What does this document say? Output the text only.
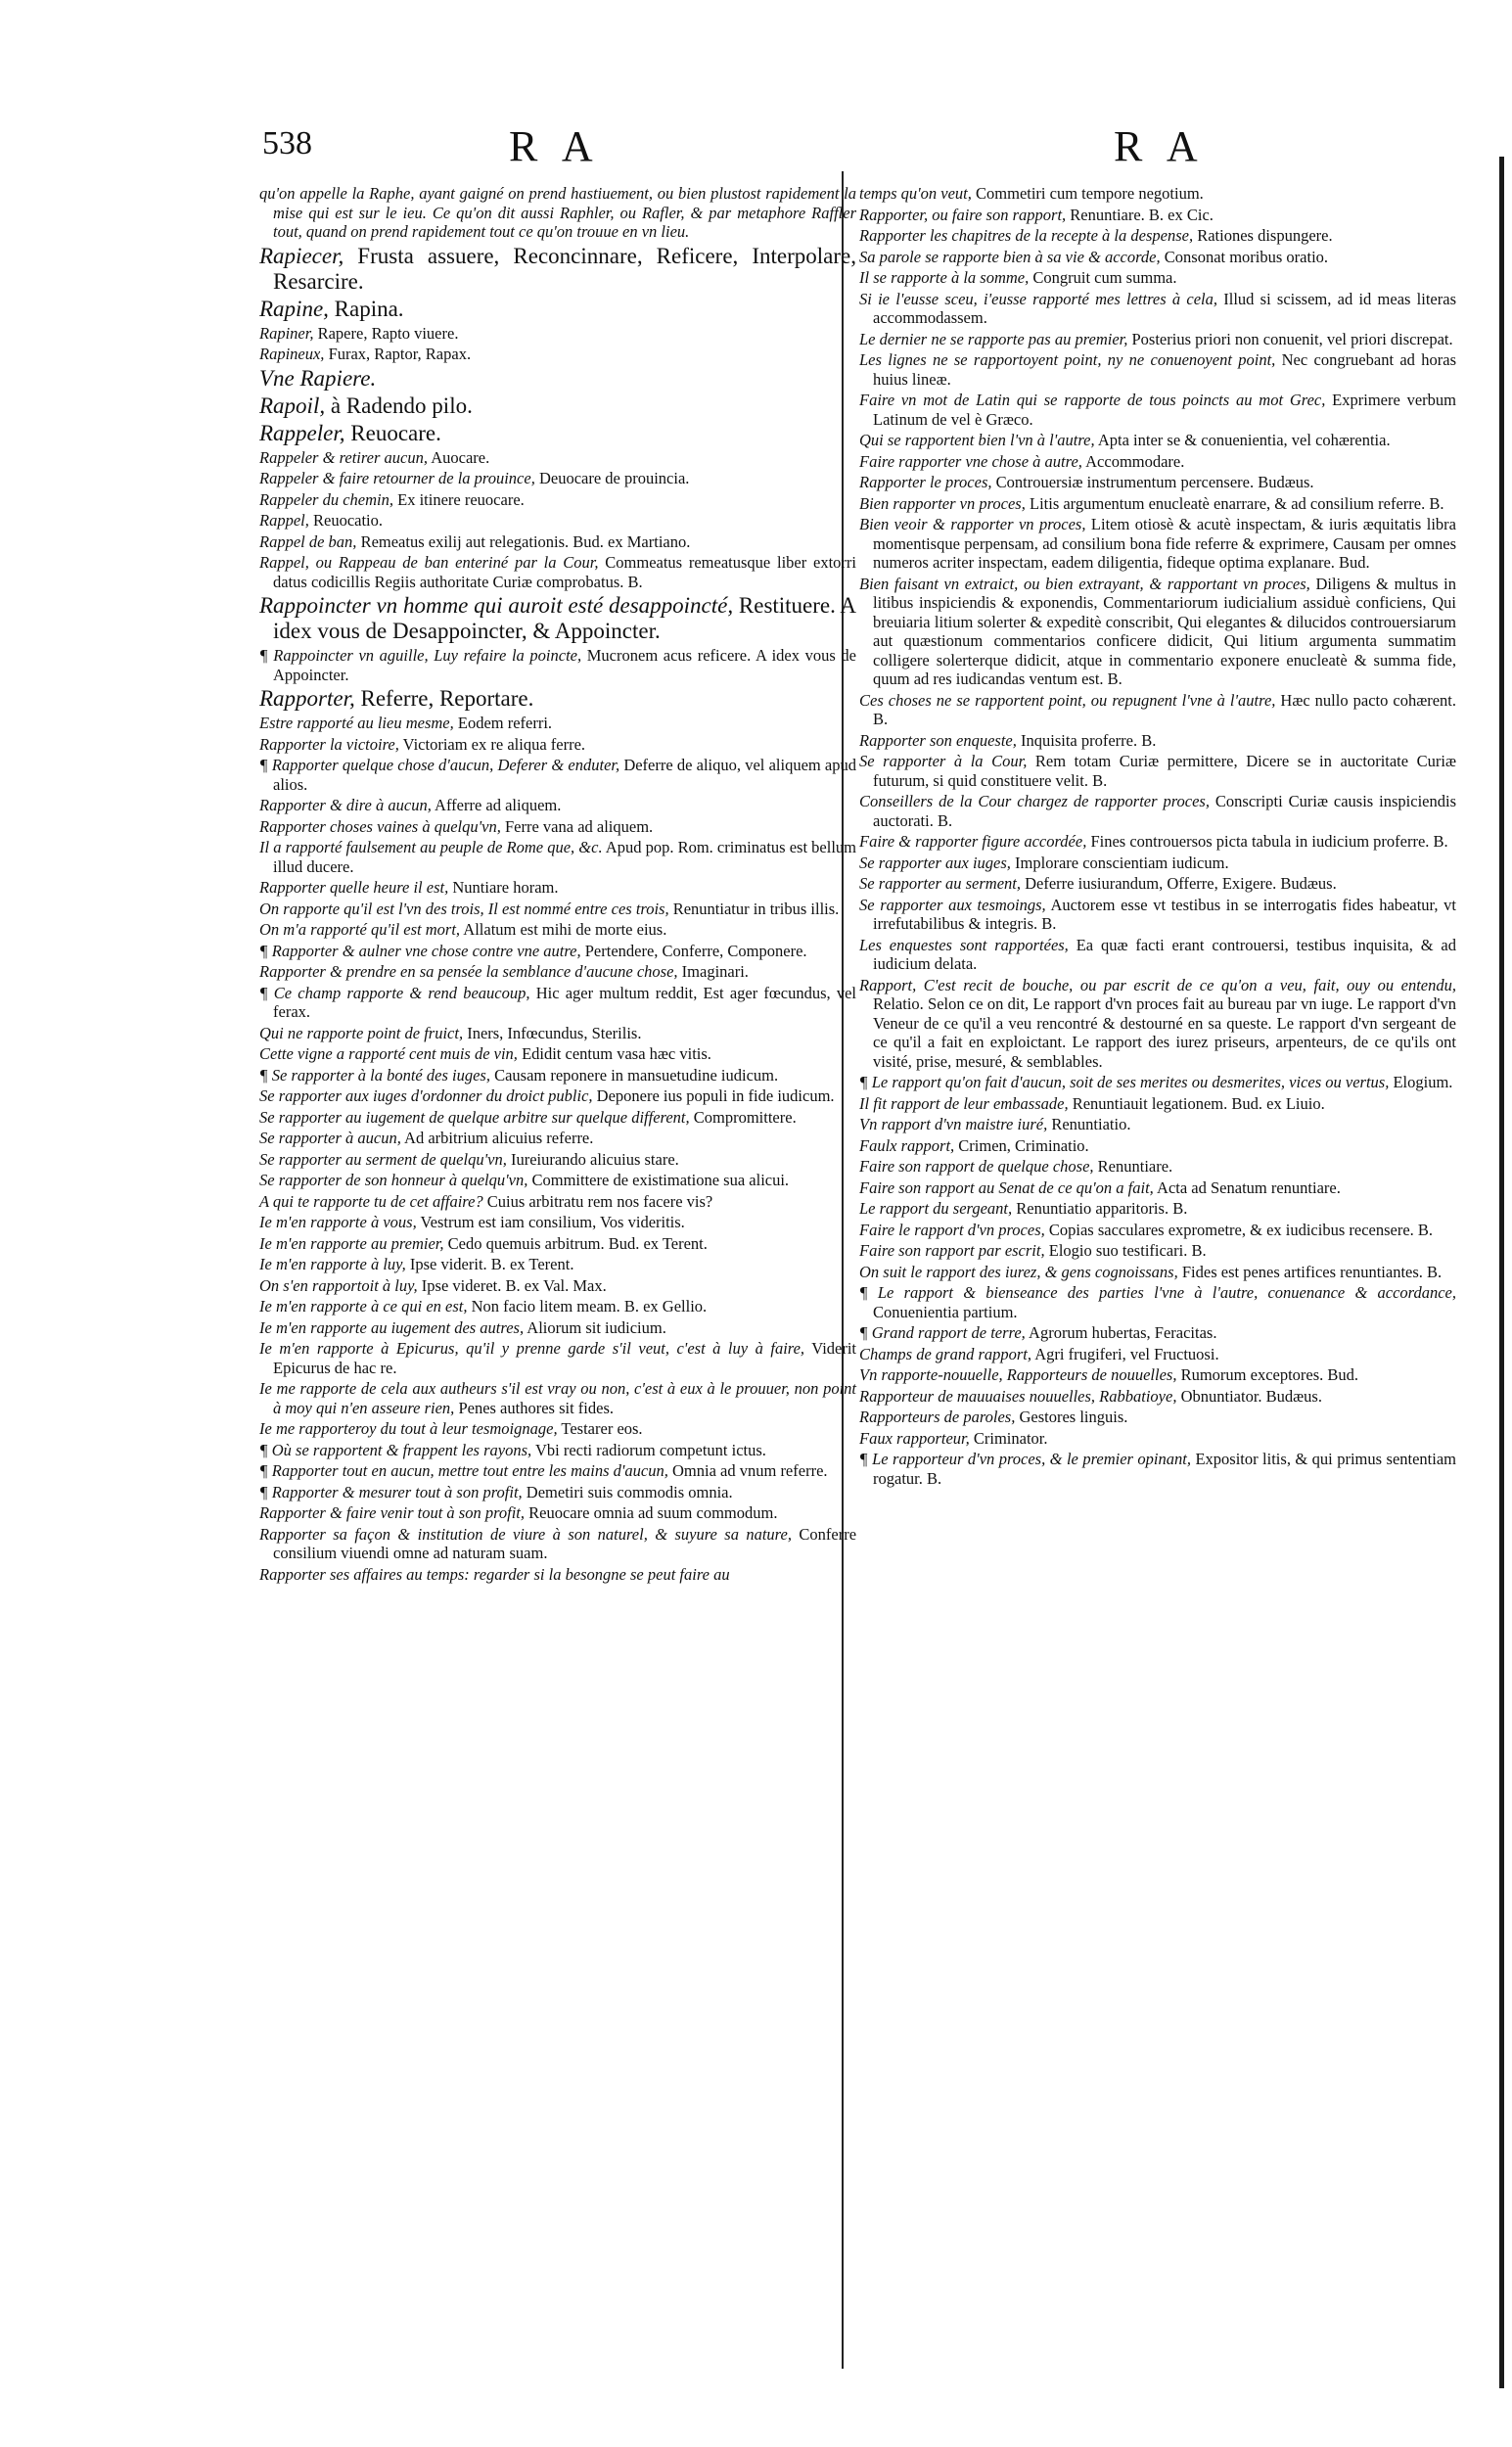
538	R A	R A

qu'on appelle la Raphe, ayant gaigné on prend hastiuement, ou bien plustost rapidement la mise qui est sur le ieu. Ce qu'on dit aussi Raphler, ou Rafler, & par metaphore Raffler tout, quand on prend rapidement tout ce qu'on trouue en vn lieu.

Rapiecer, Frusta assuere, Reconcinnare, Reficere, Interpolare, Resarcire.

Rapine, Rapina.

Rapiner, Rapere, Rapto viuere.

Rapineux, Furax, Raptor, Rapax.

Vne Rapiere.

Rapoil, à Radendo pilo.

Rappeler, Reuocare.

Rappeler & retirer aucun, Auocare.

Rappeler & faire retourner de la prouince, Deuocare de prouincia.

Rappeler du chemin, Ex itinere reuocare.

Rappel, Reuocatio.

Rappel de ban, Remeatus exilij aut relegationis. Bud. ex Martiano.

Rappel, ou Rappeau de ban enteriné par la Cour, Commeatus remeatusque liber extorri datus codicillis Regiis authoritate Curiæ comprobatus. B.

Rappoincter vn homme qui auroit esté desappoincté, Restituere. A idex vous de Desappoincter, & Appoincter.

¶ Rappoincter vn aguille, Luy refaire la poincte, Mucronem acus reficere. A idex vous de Appoincter.

Rapporter, Referre, Reportare.

Estre rapporté au lieu mesme, Eodem referri.

Rapporter la victoire, Victoriam ex re aliqua ferre.

¶ Rapporter quelque chose d'aucun, Deferer & enduter, Deferre de aliquo, vel aliquem apud alios.

Rapporter & dire à aucun, Afferre ad aliquem.

Rapporter choses vaines à quelqu'vn, Ferre vana ad aliquem.

Il a rapporté faulsement au peuple de Rome que, &c. Apud pop. Rom. criminatus est bellum illud ducere.

Rapporter quelle heure il est, Nuntiare horam.

On rapporte qu'il est l'vn des trois, Il est nommé entre ces trois, Renuntiatur in tribus illis.

On m'a rapporté qu'il est mort, Allatum est mihi de morte eius.

¶ Rapporter & aulner vne chose contre vne autre, Pertendere, Conferre, Componere.

Rapporter & prendre en sa pensée la semblance d'aucune chose, Imaginari.

¶ Ce champ rapporte & rend beaucoup, Hic ager multum reddit, Est ager fœcundus, vel ferax.

Qui ne rapporte point de fruict, Iners, Infœcundus, Sterilis.

Cette vigne a rapporté cent muis de vin, Edidit centum vasa hæc vitis.

¶ Se rapporter à la bonté des iuges, Causam reponere in mansuetudine iudicum.

Se rapporter aux iuges d'ordonner du droict public, Deponere ius populi in fide iudicum.

Se rapporter au iugement de quelque arbitre sur quelque different, Compromittere.

Se rapporter à aucun, Ad arbitrium alicuius referre.

Se rapporter au serment de quelqu'vn, Iureiurando alicuius stare.

Se rapporter de son honneur à quelqu'vn, Committere de existimatione sua alicui.

A qui te rapporte tu de cet affaire? Cuius arbitratu rem nos facere vis?

Ie m'en rapporte à vous, Vestrum est iam consilium, Vos videritis.

Ie m'en rapporte au premier, Cedo quemuis arbitrum. Bud. ex Terent.

Ie m'en rapporte à luy, Ipse viderit. B. ex Terent.

On s'en rapportoit à luy, Ipse videret. B. ex Val. Max.

Ie m'en rapporte à ce qui en est, Non facio litem meam. B. ex Gellio.

Ie m'en rapporte au iugement des autres, Aliorum sit iudicium.

Ie m'en rapporte à Epicurus, qu'il y prenne garde s'il veut, c'est à luy à faire, Viderit Epicurus de hac re.

Ie me rapporte de cela aux autheurs s'il est vray ou non, c'est à eux à le prouuer, non point à moy qui n'en asseure rien, Penes authores sit fides.

Ie me rapporteroy du tout à leur tesmoignage, Testarer eos.

¶ Où se rapportent & frappent les rayons, Vbi recti radiorum competunt ictus.

¶ Rapporter tout en aucun, mettre tout entre les mains d'aucun, Omnia ad vnum referre.

¶ Rapporter & mesurer tout à son profit, Demetiri suis commodis omnia.

Rapporter & faire venir tout à son profit, Reuocare omnia ad suum commodum.

Rapporter sa façon & institution de viure à son naturel, & suyure sa nature, Conferre consilium viuendi omne ad naturam suam.

Rapporter ses affaires au temps: regarder si la besongne se peut faire au

temps qu'on veut, Commetiri cum tempore negotium.

Rapporter, ou faire son rapport, Renuntiare. B. ex Cic.

Rapporter les chapitres de la recepte à la despense, Rationes dispungere.

Sa parole se rapporte bien à sa vie & accorde, Consonat moribus oratio.

Il se rapporte à la somme, Congruit cum summa.

Si ie l'eusse sceu, i'eusse rapporté mes lettres à cela, Illud si scissem, ad id meas literas accommodassem.

Le dernier ne se rapporte pas au premier, Posterius priori non conuenit, vel priori discrepat.

Les lignes ne se rapportoyent point, ny ne conuenoyent point, Nec congruebant ad horas huius lineæ.

Faire vn mot de Latin qui se rapporte de tous poincts au mot Grec, Exprimere verbum Latinum de vel è Græco.

Qui se rapportent bien l'vn à l'autre, Apta inter se & conuenientia, vel cohærentia.

Faire rapporter vne chose à autre, Accommodare.

Rapporter le proces, Controuersiæ instrumentum percensere. Budæus.

Bien rapporter vn proces, Litis argumentum enucleatè enarrare, & ad consilium referre. B.

Bien veoir & rapporter vn proces, Litem otiosè & acutè inspectam, & iuris æquitatis libra momentisque perpensam, ad consilium bona fide referre & exprimere, Causam per omnes numeros acriter inspectam, eadem diligentia, fideque optima explanare. Bud.

Bien faisant vn extraict, ou bien extrayant, & rapportant vn proces, Diligens & multus in litibus inspiciendis & exponendis, Commentariorum iudicialium assiduè conficiens, Qui breuiaria litium solerter & expeditè conscribit, Qui elegantes & dilucidos controuersiarum aut quæstionum commentarios conficere didicit, Qui litium argumenta summatim colligere solerterque didicit, atque in commentario exponere enucleatè & summa fide, quum ad res iudicandas ventum est. B.

Ces choses ne se rapportent point, ou repugnent l'vne à l'autre, Hæc nullo pacto cohærent. B.

Rapporter son enqueste, Inquisita proferre. B.

Se rapporter à la Cour, Rem totam Curiæ permittere, Dicere se in auctoritate Curiæ futurum, si quid constituere velit. B.

Conseillers de la Cour chargez de rapporter proces, Conscripti Curiæ causis inspiciendis auctorati. B.

Faire & rapporter figure accordée, Fines controuersos picta tabula in iudicium proferre. B.

Se rapporter aux iuges, Implorare conscientiam iudicum.

Se rapporter au serment, Deferre iusiurandum, Offerre, Exigere. Budæus.

Se rapporter aux tesmoings, Auctorem esse vt testibus in se interrogatis fides habeatur, vt irrefutabilibus & integris. B.

Les enquestes sont rapportées, Ea quæ facti erant controuersi, testibus inquisita, & ad iudicium delata.

Rapport, C'est recit de bouche, ou par escrit de ce qu'on a veu, fait, ouy ou entendu, Relatio. Selon ce on dit, Le rapport d'vn proces fait au bureau par vn iuge. Le rapport d'vn Veneur de ce qu'il a veu rencontré & destourné en sa queste. Le rapport d'vn sergeant de ce qu'il a fait en exploictant. Le rapport des iurez priseurs, arpenteurs, de ce qu'ils ont visité, prise, mesuré, & semblables.

¶ Le rapport qu'on fait d'aucun, soit de ses merites ou desmerites, vices ou vertus, Elogium.

Il fit rapport de leur embassade, Renuntiauit legationem. Bud. ex Liuio.

Vn rapport d'vn maistre iuré, Renuntiatio.

Faulx rapport, Crimen, Criminatio.

Faire son rapport de quelque chose, Renuntiare.

Faire son rapport au Senat de ce qu'on a fait, Acta ad Senatum renuntiare.

Le rapport du sergeant, Renuntiatio apparitoris. B.

Faire le rapport d'vn proces, Copias sacculares exprometre, & ex iudicibus recensere. B.

Faire son rapport par escrit, Elogio suo testificari. B.

On suit le rapport des iurez, & gens cognoissans, Fides est penes artifices renuntiantes. B.

¶ Le rapport & bienseance des parties l'vne à l'autre, conuenance & accordance, Conuenientia partium.

¶ Grand rapport de terre, Agrorum hubertas, Feracitas.

Champs de grand rapport, Agri frugiferi, vel Fructuosi.

Vn rapporte-nouuelle, Rapporteurs de nouuelles, Rumorum exceptores. Bud.

Rapporteur de mauuaises nouuelles, Rabbatioye, Obnuntiator. Budæus.

Rapporteurs de paroles, Gestores linguis.

Faux rapporteur, Criminator.

¶ Le rapporteur d'vn proces, & le premier opinant, Expositor litis, & qui primus sententiam rogatur. B.
